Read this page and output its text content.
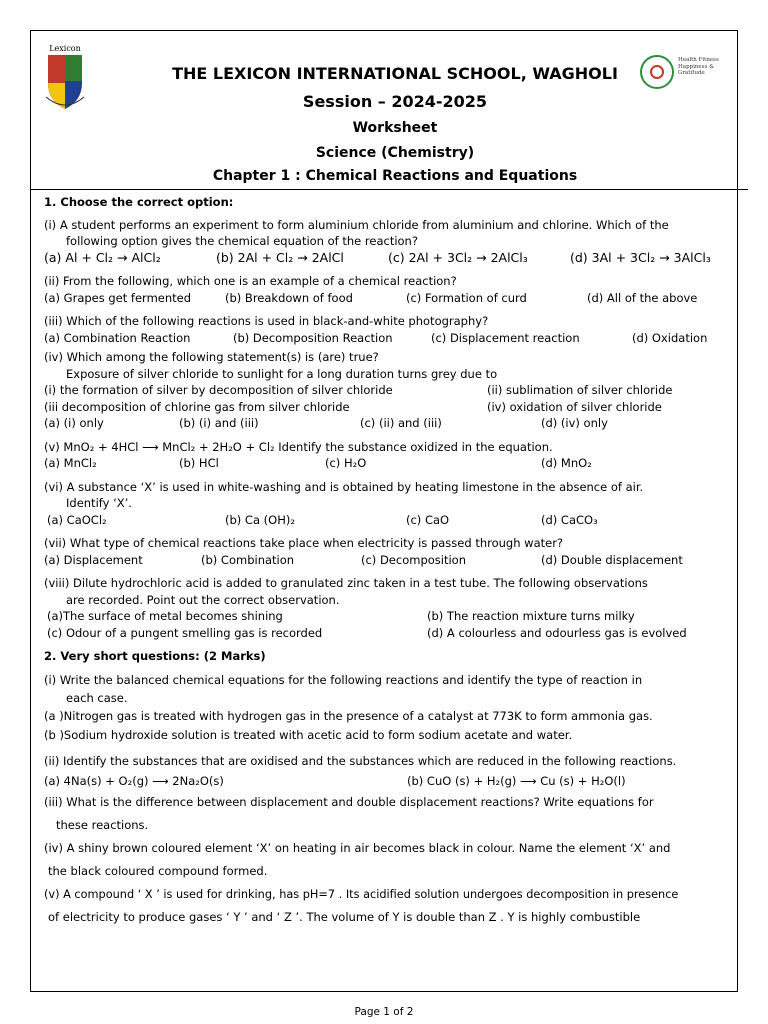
Lexicon
Health Fitness Happiness & Gratitude
THE LEXICON INTERNATIONAL SCHOOL, WAGHOLI
Session – 2024-2025
Worksheet
Science (Chemistry)
Chapter 1 : Chemical Reactions and Equations

1. Choose the correct option:

(i) A student performs an experiment to form aluminium chloride from aluminium and chlorine. Which of the

following option gives the chemical equation of the reaction?

(a) Al + Cl₂ → AlCl₂	(b) 2Al + Cl₂ → 2AlCl	(c) 2Al + 3Cl₂ → 2AlCl₃	(d) 3Al + 3Cl₂ → 3AlCl₃

(ii) From the following, which one is an example of a chemical reaction?

(a) Grapes get fermented	(b) Breakdown of food	(c) Formation of curd	(d) All of the above

(iii) Which of the following reactions is used in black-and-white photography?

(a) Combination Reaction	(b) Decomposition Reaction	(c) Displacement reaction	(d) Oxidation

(iv) Which among the following statement(s) is (are) true?

Exposure of silver chloride to sunlight for a long duration turns grey due to

(i) the formation of silver by decomposition of silver chloride	(ii) sublimation of silver chloride
(iii decomposition of chlorine gas from silver chloride	(iv) oxidation of silver chloride
(a) (i) only	(b) (i) and (iii)	(c) (ii) and (iii)	(d) (iv) only

(v) MnO₂ + 4HCl ⟶ MnCl₂ + 2H₂O + Cl₂ Identify the substance oxidized in the equation.

(a) MnCl₂	(b) HCl	(c) H₂O	(d) MnO₂

(vi) A substance ‘X’ is used in white-washing and is obtained by heating limestone in the absence of air.

Identify ‘X’.

(a) CaOCl₂	(b) Ca (OH)₂	(c) CaO	(d) CaCO₃

(vii) What type of chemical reactions take place when electricity is passed through water?

(a) Displacement	(b) Combination	(c) Decomposition	(d) Double displacement

(viii) Dilute hydrochloric acid is added to granulated zinc taken in a test tube. The following observations

are recorded. Point out the correct observation.

(a)The surface of metal becomes shining	(b) The reaction mixture turns milky
(c) Odour of a pungent smelling gas is recorded	(d) A colourless and odourless gas is evolved

2. Very short questions: (2 Marks)

(i) Write the balanced chemical equations for the following reactions and identify the type of reaction in

each case.

(a )Nitrogen gas is treated with hydrogen gas in the presence of a catalyst at 773K to form ammonia gas.

(b )Sodium hydroxide solution is treated with acetic acid to form sodium acetate and water.

(ii) Identify the substances that are oxidised and the substances which are reduced in the following reactions.

(a) 4Na(s) + O₂(g) ⟶ 2Na₂O(s)	(b) CuO (s) + H₂(g) ⟶ Cu (s) + H₂O(l)

(iii) What is the difference between displacement and double displacement reactions? Write equations for

these reactions.

(iv) A shiny brown coloured element ‘X’ on heating in air becomes black in colour. Name the element ‘X’ and

the black coloured compound formed.

(v) A compound ‘ X ’ is used for drinking, has pH=7 . Its acidified solution undergoes decomposition in presence

of electricity to produce gases ‘ Y ’ and ‘ Z ’. The volume of Y is double than Z . Y is highly combustible

Page 1 of 2
